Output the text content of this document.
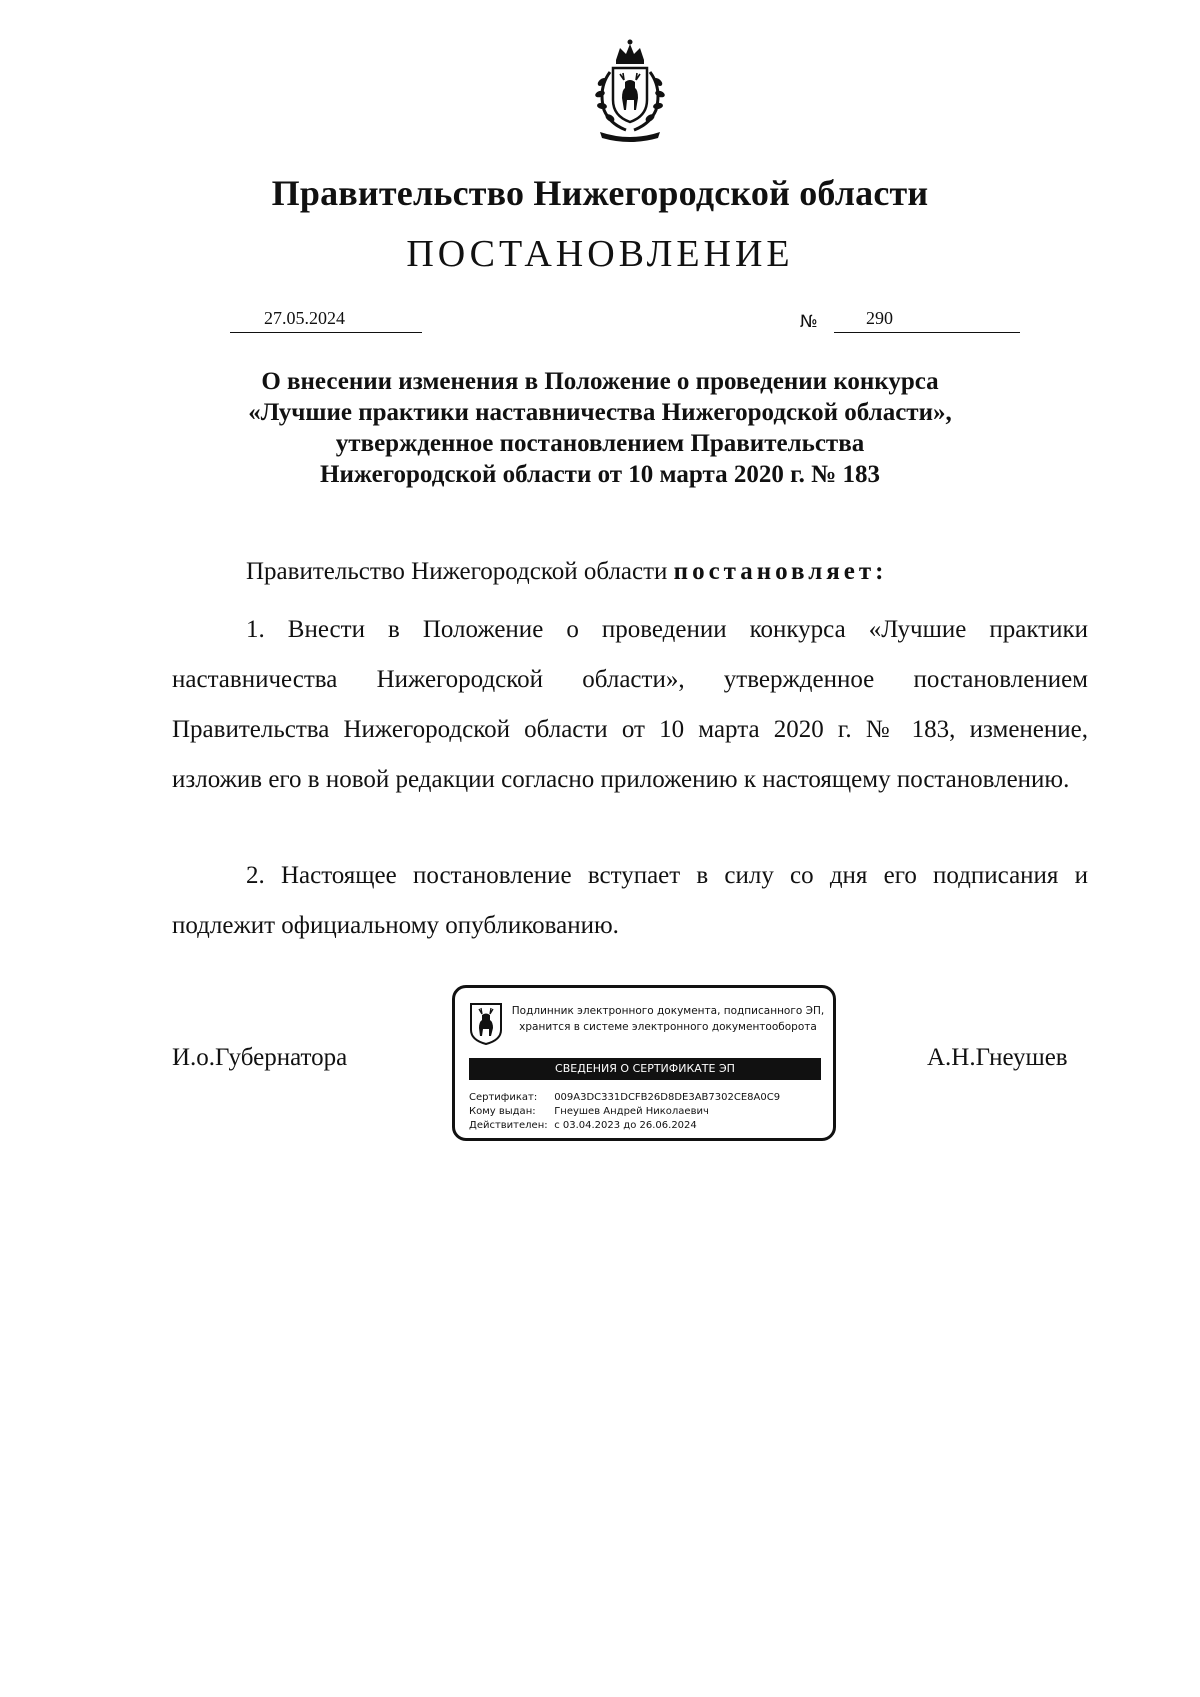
Правительство Нижегородской области
ПОСТАНОВЛЕНИЕ
27.05.2024	№	290
О внесении изменения в Положение о проведении конкурса
«Лучшие практики наставничества Нижегородской области»,
утвержденное постановлением Правительства
Нижегородской области от 10 марта 2020 г. № 183
Правительство Нижегородской области постановляет:
1. Внести в Положение о проведении конкурса «Лучшие практики наставничества Нижегородской области», утвержденное постановлением Правительства Нижегородской области от 10 марта 2020 г. № 183, изменение, изложив его в новой редакции согласно приложению к настоящему постановлению.
2. Настоящее постановление вступает в силу со дня его подписания и подлежит официальному опубликованию.
И.о.Губернатора	А.Н.Гнеушев
Подлинник электронного документа, подписанного ЭП,
хранится в системе электронного документооборота
СВЕДЕНИЯ О СЕРТИФИКАТЕ ЭП
Сертификат: 009A3DC331DCFB26D8DE3AB7302CE8A0C9
Кому выдан: Гнеушев Андрей Николаевич
Действителен: с 03.04.2023 до 26.06.2024
